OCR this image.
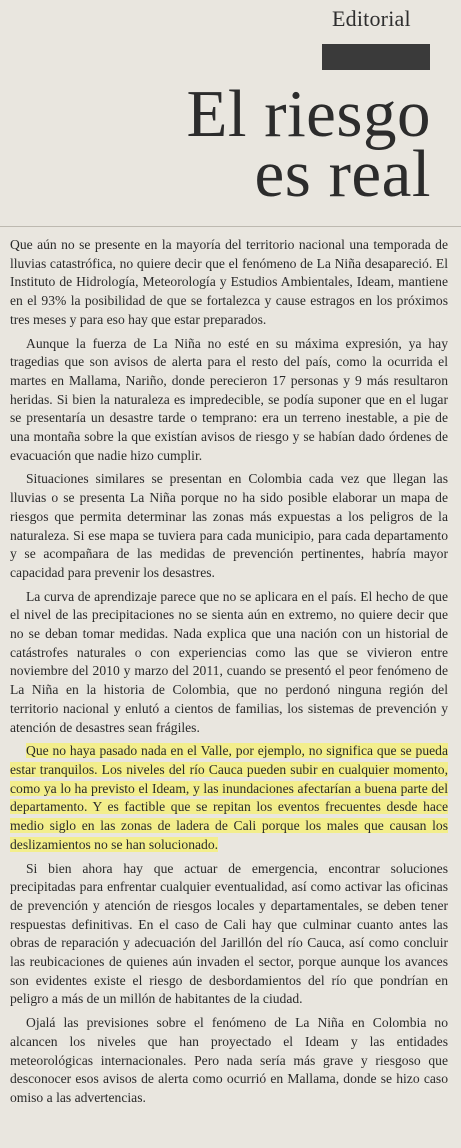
Editorial
El riesgo
es real

Que aún no se presente en la mayoría del territorio nacional una temporada de lluvias catastrófica, no quiere decir que el fenómeno de La Niña desapareció. El Instituto de Hidrología, Meteorología y Estudios Ambientales, Ideam, mantiene en el 93% la posibilidad de que se fortalezca y cause estragos en los próximos tres meses y para eso hay que estar preparados.

Aunque la fuerza de La Niña no esté en su máxima expresión, ya hay tragedias que son avisos de alerta para el resto del país, como la ocurrida el martes en Mallama, Nariño, donde perecieron 17 personas y 9 más resultaron heridas. Si bien la naturaleza es impredecible, se podía suponer que en el lugar se presentaría un desastre tarde o temprano: era un terreno inestable, a pie de una montaña sobre la que existían avisos de riesgo y se habían dado órdenes de evacuación que nadie hizo cumplir.

Situaciones similares se presentan en Colombia cada vez que llegan las lluvias o se presenta La Niña porque no ha sido posible elaborar un mapa de riesgos que permita determinar las zonas más expuestas a los peligros de la naturaleza. Si ese mapa se tuviera para cada municipio, para cada departamento y se acompañara de las medidas de prevención pertinentes, habría mayor capacidad para prevenir los desastres.

La curva de aprendizaje parece que no se aplicara en el país. El hecho de que el nivel de las precipitaciones no se sienta aún en extremo, no quiere decir que no se deban tomar medidas. Nada explica que una nación con un historial de catástrofes naturales o con experiencias como las que se vivieron entre noviembre del 2010 y marzo del 2011, cuando se presentó el peor fenómeno de La Niña en la historia de Colombia, que no perdonó ninguna región del territorio nacional y enlutó a cientos de familias, los sistemas de prevención y atención de desastres sean frágiles.

Que no haya pasado nada en el Valle, por ejemplo, no significa que se pueda estar tranquilos. Los niveles del río Cauca pueden subir en cualquier momento, como ya lo ha previsto el Ideam, y las inundaciones afectarían a buena parte del departamento. Y es factible que se repitan los eventos frecuentes desde hace medio siglo en las zonas de ladera de Cali porque los males que causan los deslizamientos no se han solucionado.

Si bien ahora hay que actuar de emergencia, encontrar soluciones precipitadas para enfrentar cualquier eventualidad, así como activar las oficinas de prevención y atención de riesgos locales y departamentales, se deben tener respuestas definitivas. En el caso de Cali hay que culminar cuanto antes las obras de reparación y adecuación del Jarillón del río Cauca, así como concluir las reubicaciones de quienes aún invaden el sector, porque aunque los avances son evidentes existe el riesgo de desbordamientos del río que pondrían en peligro a más de un millón de habitantes de la ciudad.

Ojalá las previsiones sobre el fenómeno de La Niña en Colombia no alcancen los niveles que han proyectado el Ideam y las entidades meteorológicas internacionales. Pero nada sería más grave y riesgoso que desconocer esos avisos de alerta como ocurrió en Mallama, donde se hizo caso omiso a las advertencias.
